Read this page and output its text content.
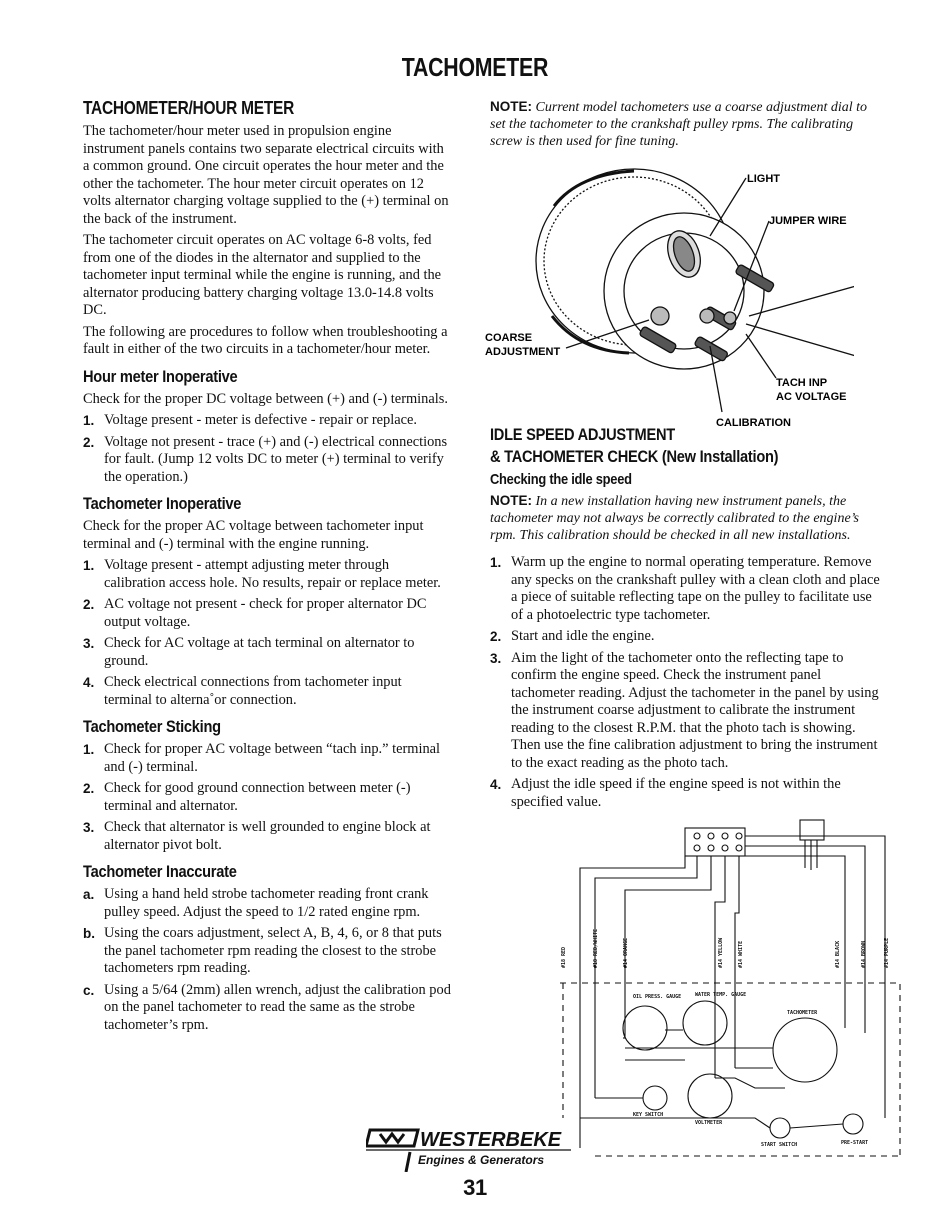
TACHOMETER
TACHOMETER/HOUR METER

The tachometer/hour meter used in propulsion engine instrument panels contains two separate electrical circuits with a common ground. One circuit operates the hour meter and the other the tachometer. The hour meter circuit operates on 12 volts alternator charging voltage supplied to the (+) terminal on the back of the instrument.

The tachometer circuit operates on AC voltage 6-8 volts, fed from one of the diodes in the alternator and supplied to the tachometer input terminal while the engine is running, and the alternator producing battery charging voltage 13.0-14.8 volts DC.

The following are procedures to follow when troubleshooting a fault in either of the two circuits in a tachometer/hour meter.

Hour meter Inoperative

Check for the proper DC voltage between (+) and (-) terminals.

1. Voltage present - meter is defective - repair or replace.
2. Voltage not present - trace (+) and (-) electrical connections for fault. (Jump 12 volts DC to meter (+) terminal to verify the operation.)
Tachometer Inoperative

Check for the proper AC voltage between tachometer input terminal and (-) terminal with the engine running.

1. Voltage present - attempt adjusting meter through calibration access hole. No results, repair or replace meter.
2. AC voltage not present - check for proper alternator DC output voltage.
3. Check for AC voltage at tach terminal on alternator to ground.
4. Check electrical connections from tachometer input terminal to alterna˚or connection.
Tachometer Sticking
1. Check for proper AC voltage between “tach inp.” terminal and (-) terminal.
2. Check for good ground connection between meter (-) terminal and alternator.
3. Check that alternator is well grounded to engine block at alternator pivot bolt.
Tachometer Inaccurate
a. Using a hand held strobe tachometer reading front crank pulley speed. Adjust the speed to 1/2 rated engine rpm.
b. Using the coars adjustment, select A, B, 4, 6, or 8 that puts the panel tachometer rpm reading the closest to the strobe tachometers rpm reading.
c. Using a 5/64 (2mm) allen wrench, adjust the calibration pod on the panel tachometer to read the same as the strobe tachometer’s rpm.

NOTE: Current model tachometers use a coarse adjustment dial to set the tachometer to the crankshaft pulley rpms. The calibrating screw is then used for fine tuning.

LIGHT
JUMPER WIRE
COARSE
ADJUSTMENT
TACH INP
AC VOLTAGE
CALIBRATION
IDLE SPEED ADJUSTMENT
& TACHOMETER CHECK (New Installation)
Checking the idle speed

NOTE: In a new installation having new instrument panels, the tachometer may not always be correctly calibrated to the engine’s rpm. This calibration should be checked in all new installations.

1. Warm up the engine to normal operating temperature. Remove any specks on the crankshaft pulley with a clean cloth and place a piece of suitable reflecting tape on the pulley to facilitate use of a photoelectric type tachometer.
2. Start and idle the engine.
3. Aim the light of the tachometer onto the reflecting tape to confirm the engine speed. Check the instrument panel tachometer reading. Adjust the tachometer in the panel by using the instrument coarse adjustment to calibrate the instrument reading to the closest R.P.M. that the photo tach is showing. Then use the fine calibration adjustment to bring the instrument to the exact reading as the photo tach.
4. Adjust the idle speed if the engine speed is not within the specified value.
#18 RED	#18 RED/WHITE	#14 ORANGE	#14 YELLOW	#14 WHITE	#14 BLACK	#14 BROWN	#14 PURPLE
OIL PRESS. GAUGE	WATER TEMP. GAUGE
TACHOMETER
KEY SWITCH
VOLTMETER
START SWITCH	PRE-START
WESTERBEKE
Engines & Generators
31
